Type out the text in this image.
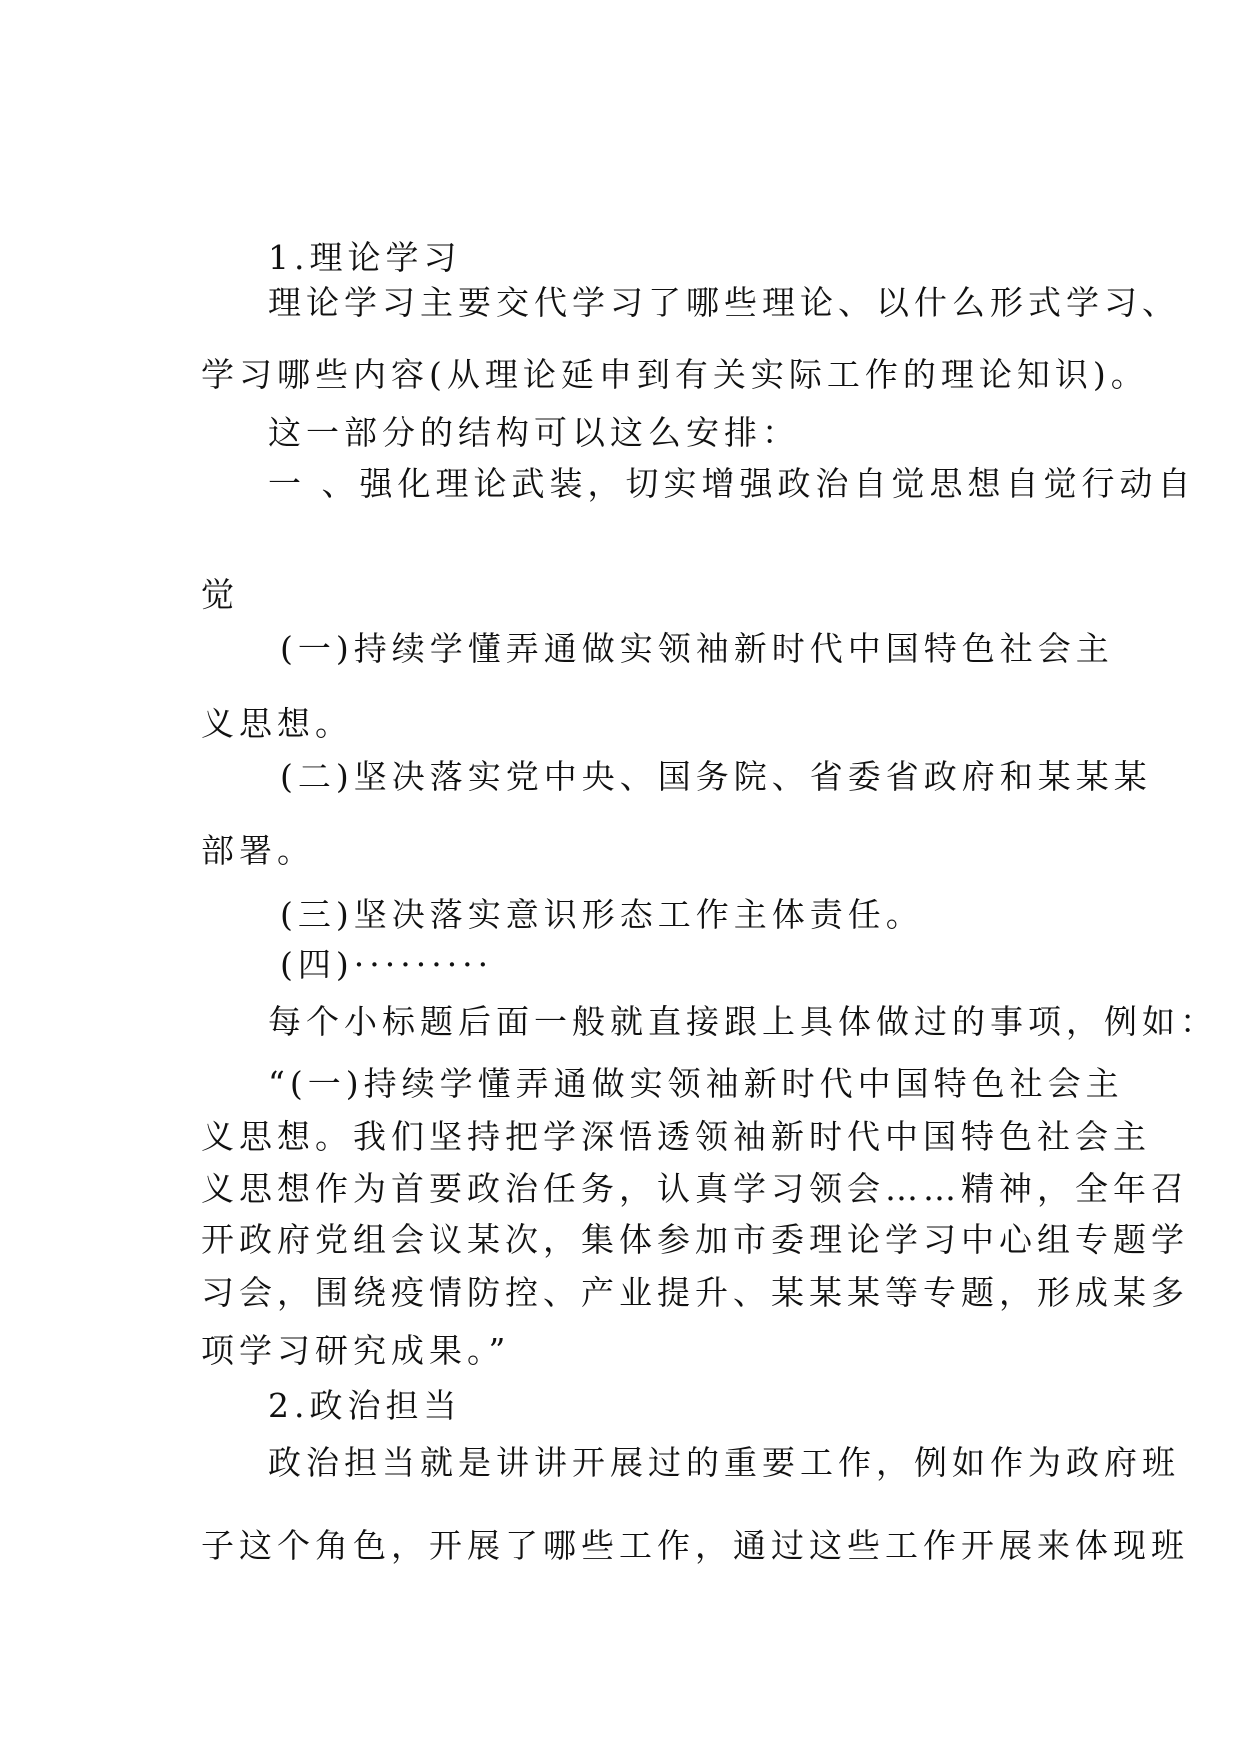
1.理论学习
理论学习主要交代学习了哪些理论、以什么形式学习、
学习哪些内容(从理论延申到有关实际工作的理论知识)。
这一部分的结构可以这么安排：
一 、强化理论武装，切实增强政治自觉思想自觉行动自
觉
(一)持续学懂弄通做实领袖新时代中国特色社会主
义思想。
(二)坚决落实党中央、国务院、省委省政府和某某某
部署。
(三)坚决落实意识形态工作主体责任。
(四)·········
每个小标题后面一般就直接跟上具体做过的事项，例如：
“(一)持续学懂弄通做实领袖新时代中国特色社会主
义思想。我们坚持把学深悟透领袖新时代中国特色社会主
义思想作为首要政治任务，认真学习领会……精神，全年召
开政府党组会议某次，集体参加市委理论学习中心组专题学
习会，围绕疫情防控、产业提升、某某某等专题，形成某多
项学习研究成果。”
2.政治担当
政治担当就是讲讲开展过的重要工作，例如作为政府班
子这个角色，开展了哪些工作，通过这些工作开展来体现班
